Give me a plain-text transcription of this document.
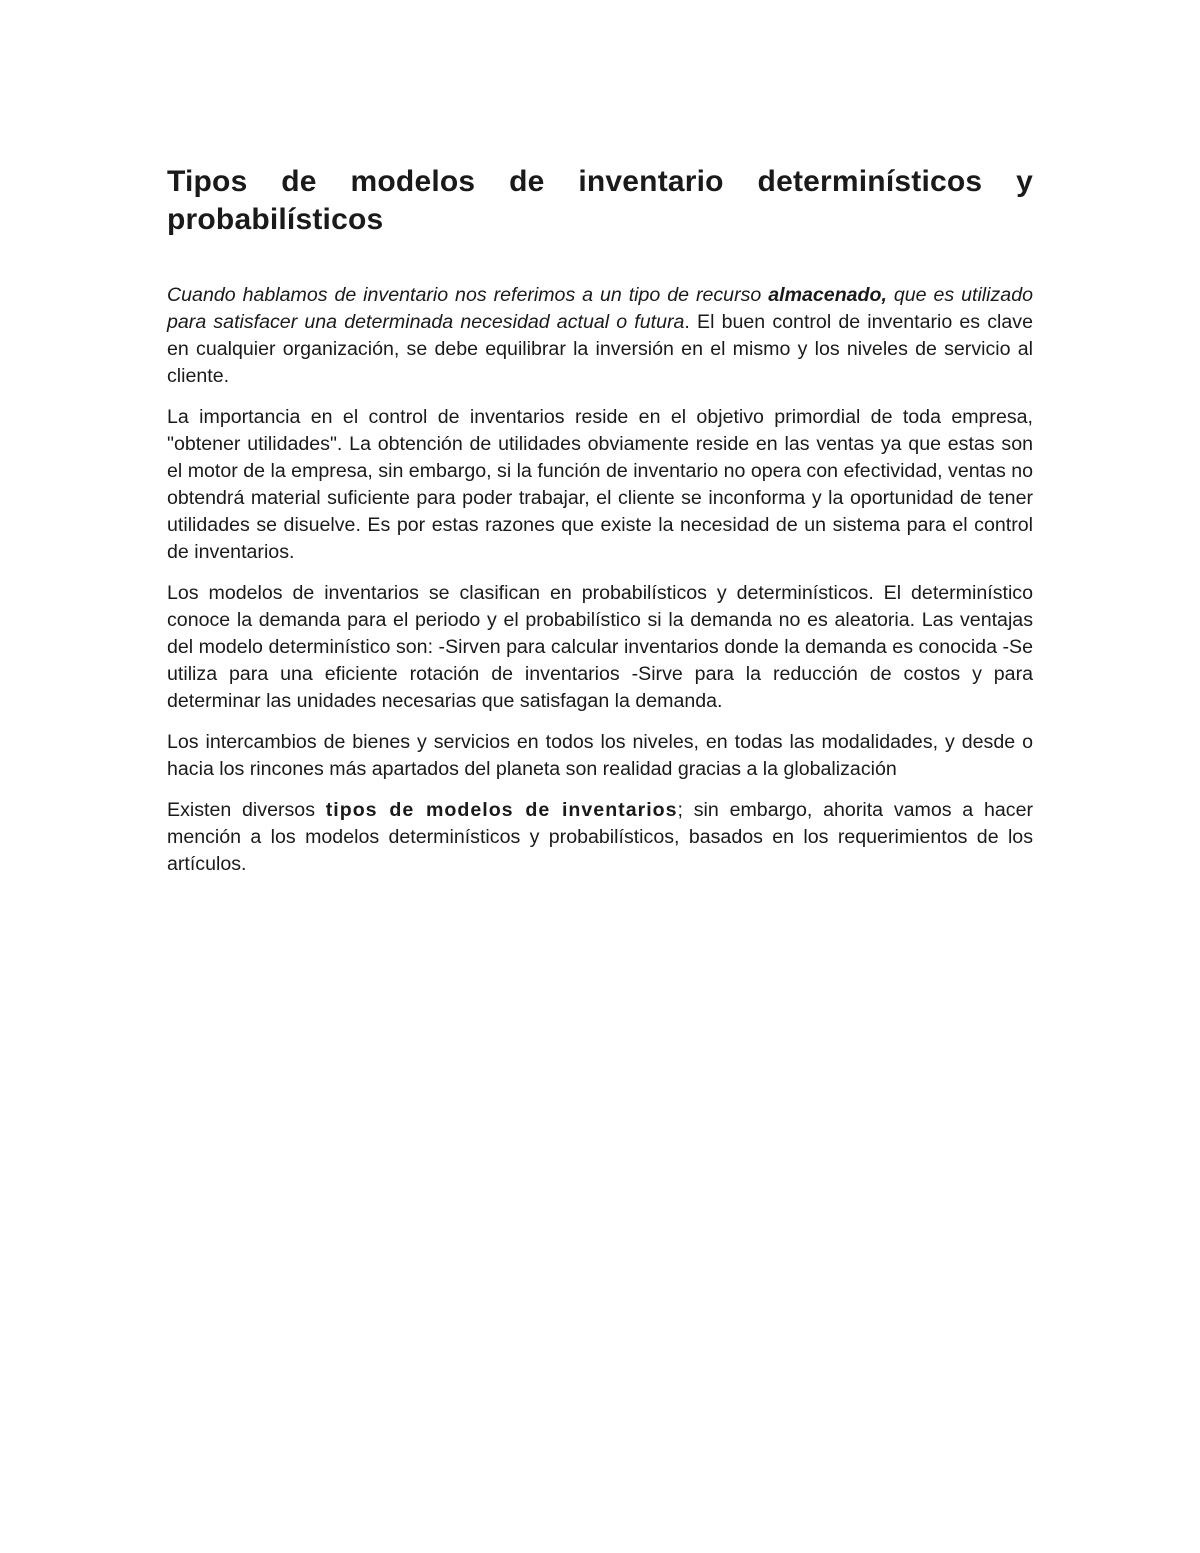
Tipos de modelos de inventario determinísticos y probabilísticos

Cuando hablamos de inventario nos referimos a un tipo de recurso almacenado, que es utilizado para satisfacer una determinada necesidad actual o futura. El buen control de inventario es clave en cualquier organización, se debe equilibrar la inversión en el mismo y los niveles de servicio al cliente.

La importancia en el control de inventarios reside en el objetivo primordial de toda empresa, "obtener utilidades". La obtención de utilidades obviamente reside en las ventas ya que estas son el motor de la empresa, sin embargo, si la función de inventario no opera con efectividad, ventas no obtendrá material suficiente para poder trabajar, el cliente se inconforma y la oportunidad de tener utilidades se disuelve. Es por estas razones que existe la necesidad de un sistema para el control de inventarios.

Los modelos de inventarios se clasifican en probabilísticos y determinísticos. El determinístico conoce la demanda para el periodo y el probabilístico si la demanda no es aleatoria. Las ventajas del modelo determinístico son: -Sirven para calcular inventarios donde la demanda es conocida -Se utiliza para una eficiente rotación de inventarios -Sirve para la reducción de costos y para determinar las unidades necesarias que satisfagan la demanda.

Los intercambios de bienes y servicios en todos los niveles, en todas las modalidades, y desde o hacia los rincones más apartados del planeta son realidad gracias a la globalización

Existen diversos tipos de modelos de inventarios; sin embargo, ahorita vamos a hacer mención a los modelos determinísticos y probabilísticos, basados en los requerimientos de los artículos.
